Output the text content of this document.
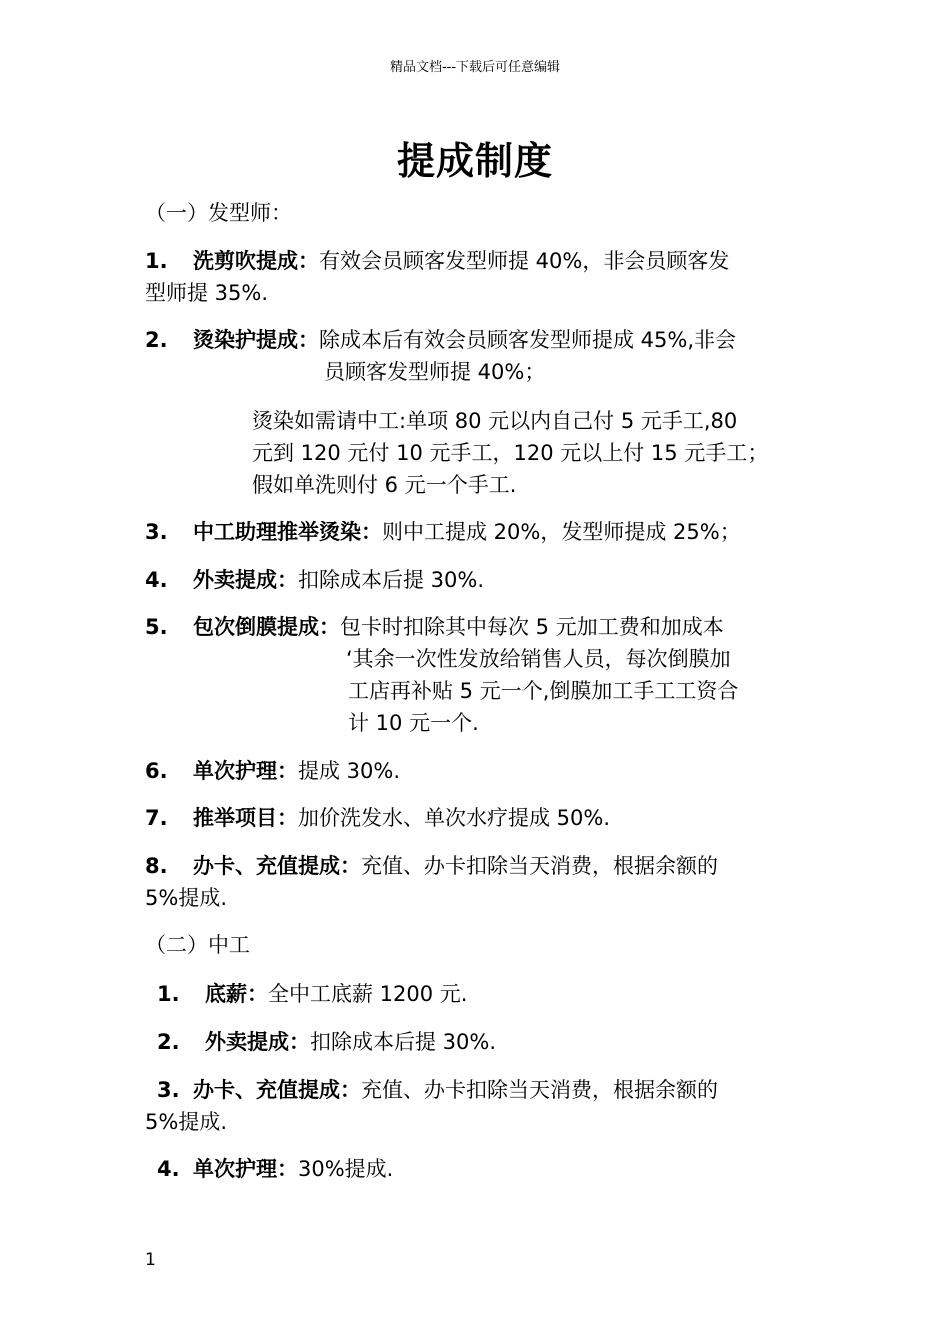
精品文档---下载后可任意编辑
提成制度
（一）发型师：
1. 洗剪吹提成：有效会员顾客发型师提 40%，非会员顾客发
型师提 35%.
2. 烫染护提成：除成本后有效会员顾客发型师提成 45%,非会
员顾客发型师提 40%；
烫染如需请中工:单项 80 元以内自己付 5 元手工,80
元到 120 元付 10 元手工，120 元以上付 15 元手工；
假如单洗则付 6 元一个手工.
3. 中工助理推举烫染：则中工提成 20%，发型师提成 25%；
4. 外卖提成：扣除成本后提 30%.
5. 包次倒膜提成：包卡时扣除其中每次 5 元加工费和加成本
‘其余一次性发放给销售人员，每次倒膜加
工店再补贴 5 元一个,倒膜加工手工工资合
计 10 元一个.
6. 单次护理：提成 30%.
7. 推举项目：加价洗发水、单次水疗提成 50%.
8. 办卡、充值提成：充值、办卡扣除当天消费，根据余额的
5%提成.
（二）中工
1. 底薪：全中工底薪 1200 元.
2. 外卖提成：扣除成本后提 30%.
3. 办卡、充值提成：充值、办卡扣除当天消费，根据余额的
5%提成.
4. 单次护理：30%提成.
1
